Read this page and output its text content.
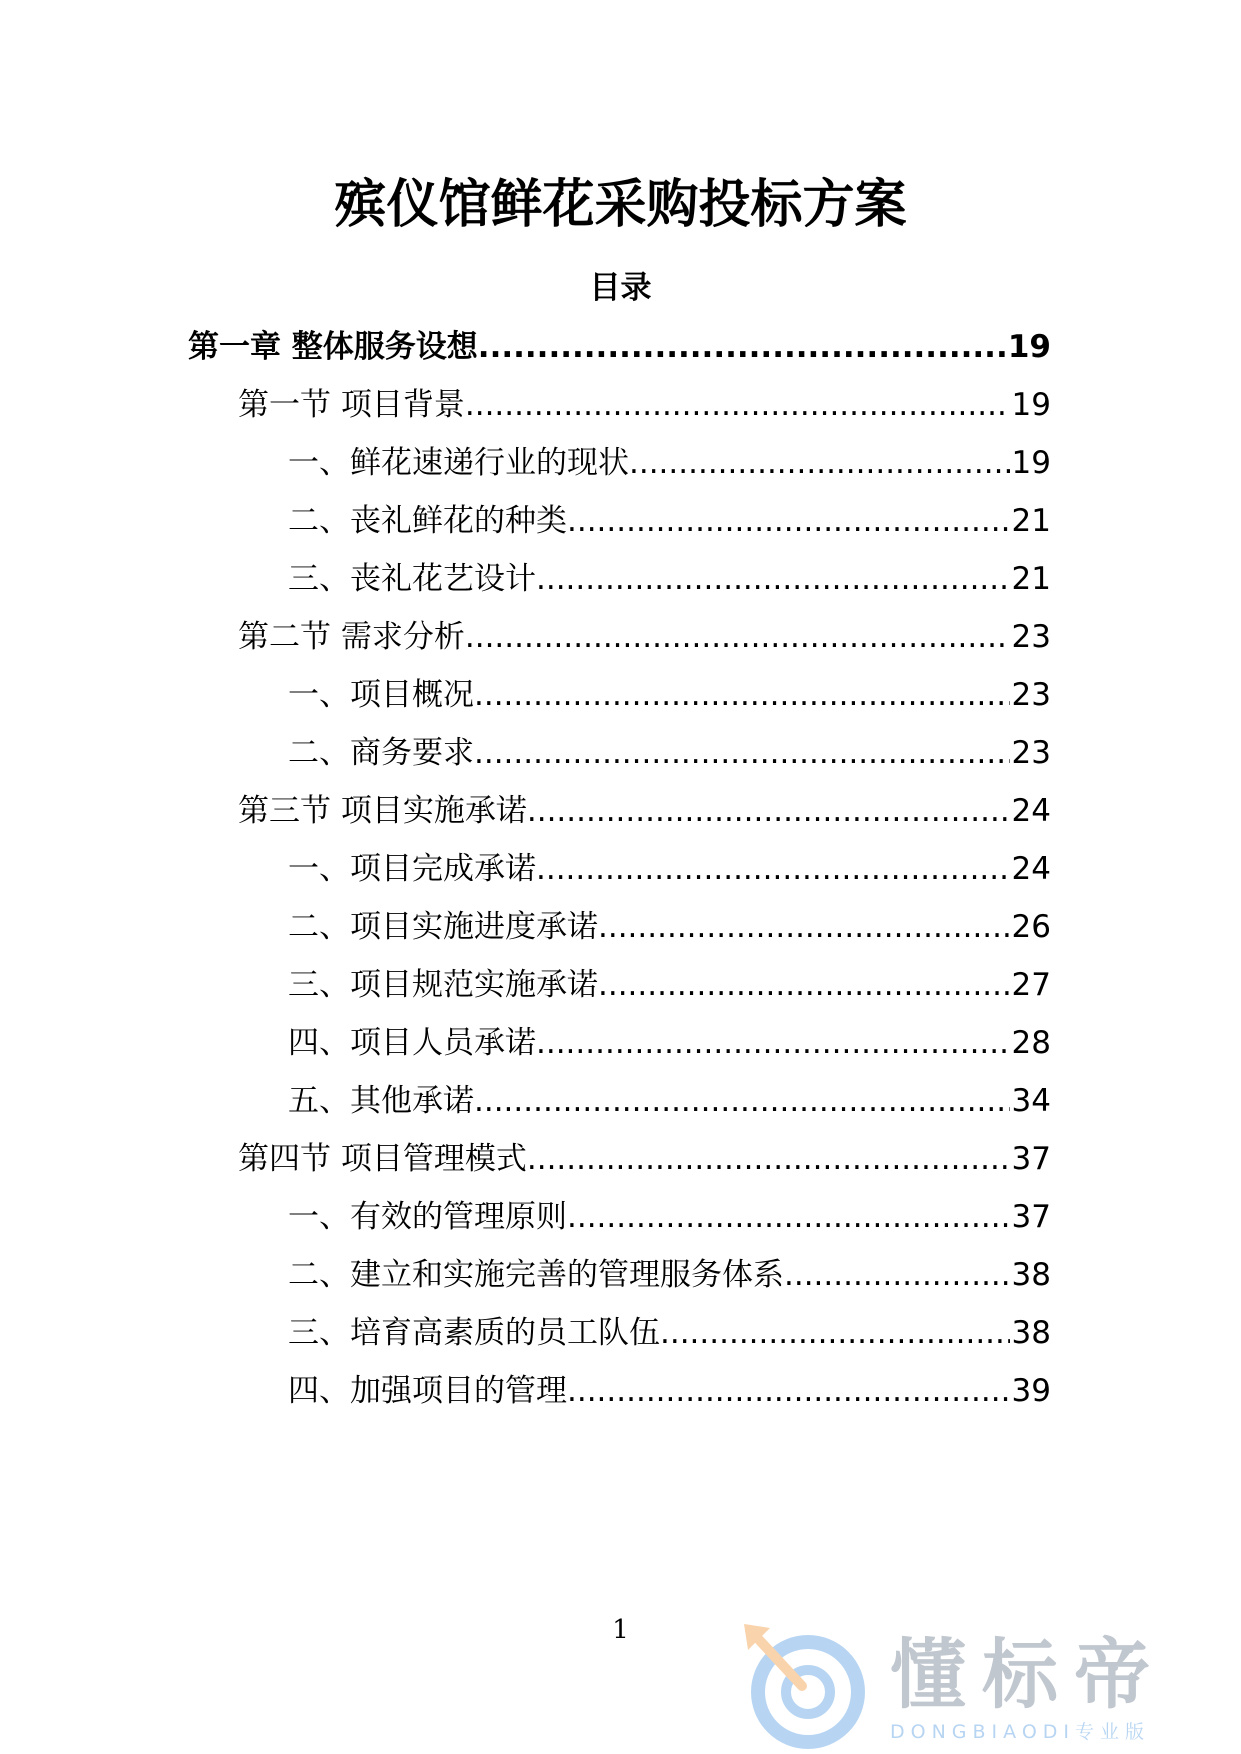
殡仪馆鲜花采购投标方案
目录
第一章 整体服务设想 .....	19
第一节 项目背景 .....	19
一、鲜花速递行业的现状 .....	19
二、丧礼鲜花的种类 .....	21
三、丧礼花艺设计 .....	21
第二节 需求分析 .....	23
一、项目概况 .....	23
二、商务要求 .....	23
第三节 项目实施承诺 .....	24
一、项目完成承诺 .....	24
二、项目实施进度承诺 .....	26
三、项目规范实施承诺 .....	27
四、项目人员承诺 .....	28
五、其他承诺 .....	34
第四节 项目管理模式 .....	37
一、有效的管理原则 .....	37
二、建立和实施完善的管理服务体系 .....	38
三、培育高素质的员工队伍 .....	38
四、加强项目的管理 .....	39
1	懂标帝
DONGBIAODI专业版
